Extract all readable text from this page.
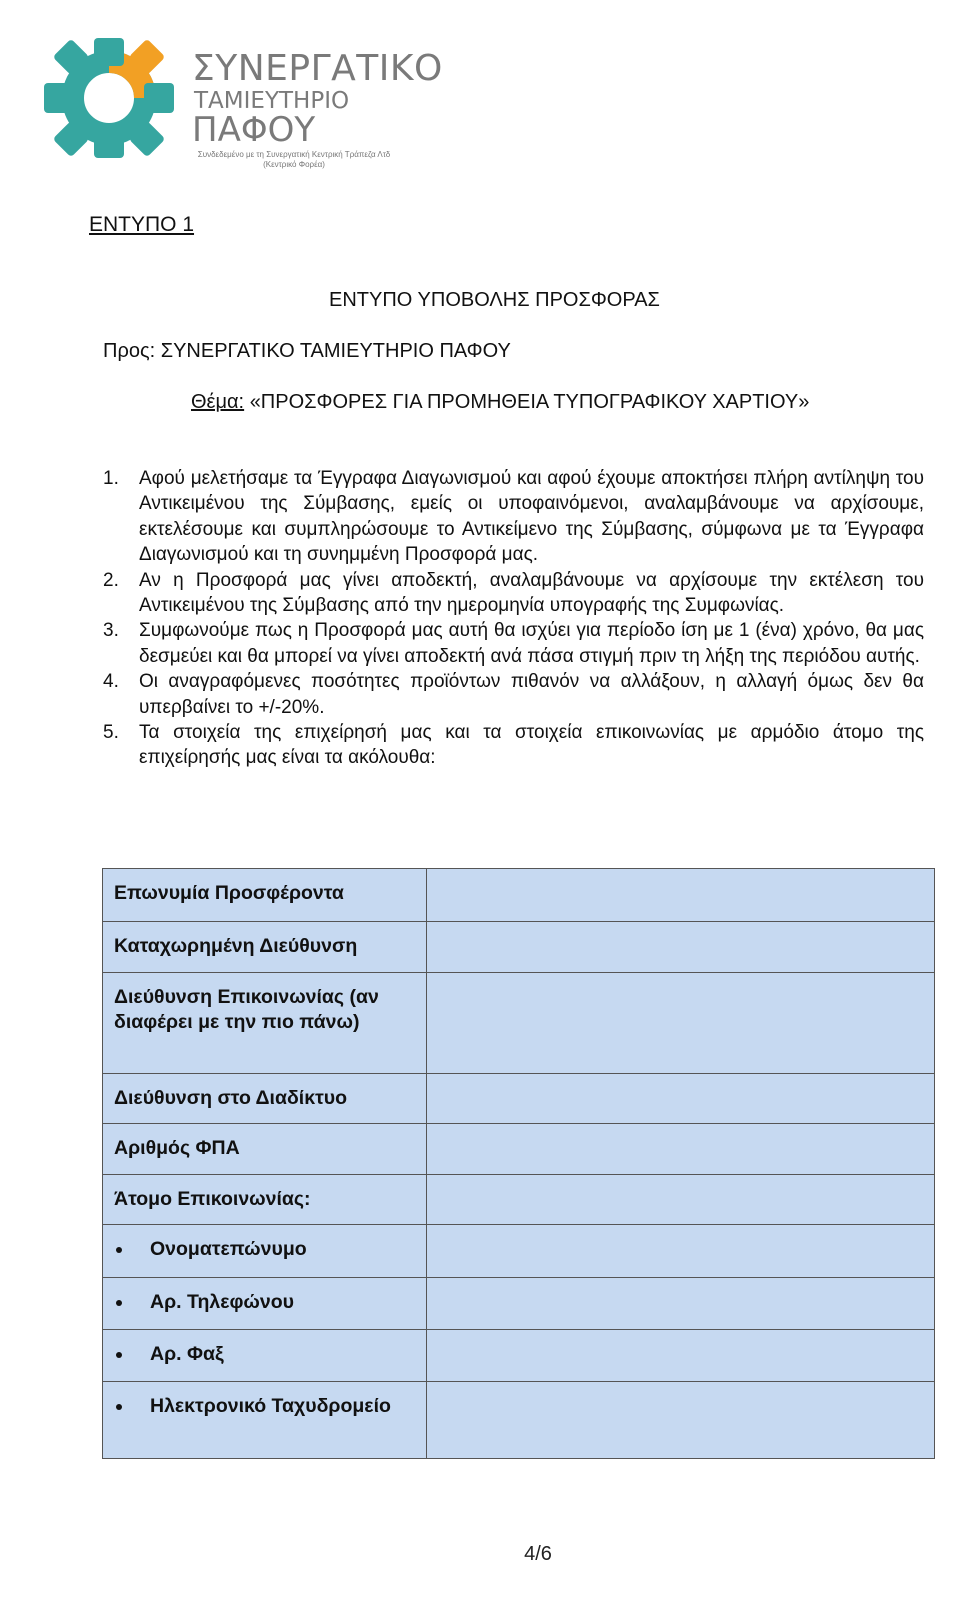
ΣΥΝΕΡΓΑΤΙΚΟ
ΤΑΜΙΕΥΤΗΡΙΟ
ΠΑΦΟΥ
Συνδεδεμένο με τη Συνεργατική Κεντρική Τράπεζα Λτδ (Κεντρικό Φορέα)
ΕΝΤΥΠΟ 1
ΕΝΤΥΠΟ ΥΠΟΒΟΛΗΣ ΠΡΟΣΦΟΡΑΣ
Προς: ΣΥΝΕΡΓΑΤΙΚΟ ΤΑΜΙΕΥΤΗΡΙΟ ΠΑΦΟΥ
Θέμα: «ΠΡΟΣΦΟΡΕΣ ΓΙΑ ΠΡΟΜΗΘΕΙΑ ΤΥΠΟΓΡΑΦΙΚΟΥ ΧΑΡΤΙΟΥ»
1. Αφού μελετήσαμε τα Έγγραφα Διαγωνισμού και αφού έχουμε αποκτήσει πλήρη αντίληψη του Αντικειμένου της Σύμβασης, εμείς οι υποφαινόμενοι, αναλαμβάνουμε να αρχίσουμε, εκτελέσουμε και συμπληρώσουμε το Αντικείμενο της Σύμβασης, σύμφωνα με τα Έγγραφα Διαγωνισμού και τη συνημμένη Προσφορά μας.
2. Αν η Προσφορά μας γίνει αποδεκτή, αναλαμβάνουμε να αρχίσουμε την εκτέλεση του Αντικειμένου της Σύμβασης από την ημερομηνία υπογραφής της Συμφωνίας.
3. Συμφωνούμε πως η Προσφορά μας αυτή θα ισχύει για περίοδο ίση με 1 (ένα) χρόνο, θα μας δεσμεύει και θα μπορεί να γίνει αποδεκτή ανά πάσα στιγμή πριν τη λήξη της περιόδου αυτής.
4. Οι αναγραφόμενες ποσότητες προϊόντων πιθανόν να αλλάξουν, η αλλαγή όμως δεν θα υπερβαίνει το +/-20%.
5. Τα στοιχεία της επιχείρησή μας και τα στοιχεία επικοινωνίας με αρμόδιο άτομο της επιχείρησής μας είναι τα ακόλουθα:
Επωνυμία Προσφέροντα	
Καταχωρημένη Διεύθυνση	
Διεύθυνση Επικοινωνίας (αν διαφέρει με την πιο πάνω)	
Διεύθυνση στο Διαδίκτυο	
Αριθμός ΦΠΑ	
Άτομο Επικοινωνίας:	

Ονοματεπώνυμο	

Αρ. Τηλεφώνου	

Αρ. Φαξ	

Ηλεκτρονικό Ταχυδρομείο	

4/6
